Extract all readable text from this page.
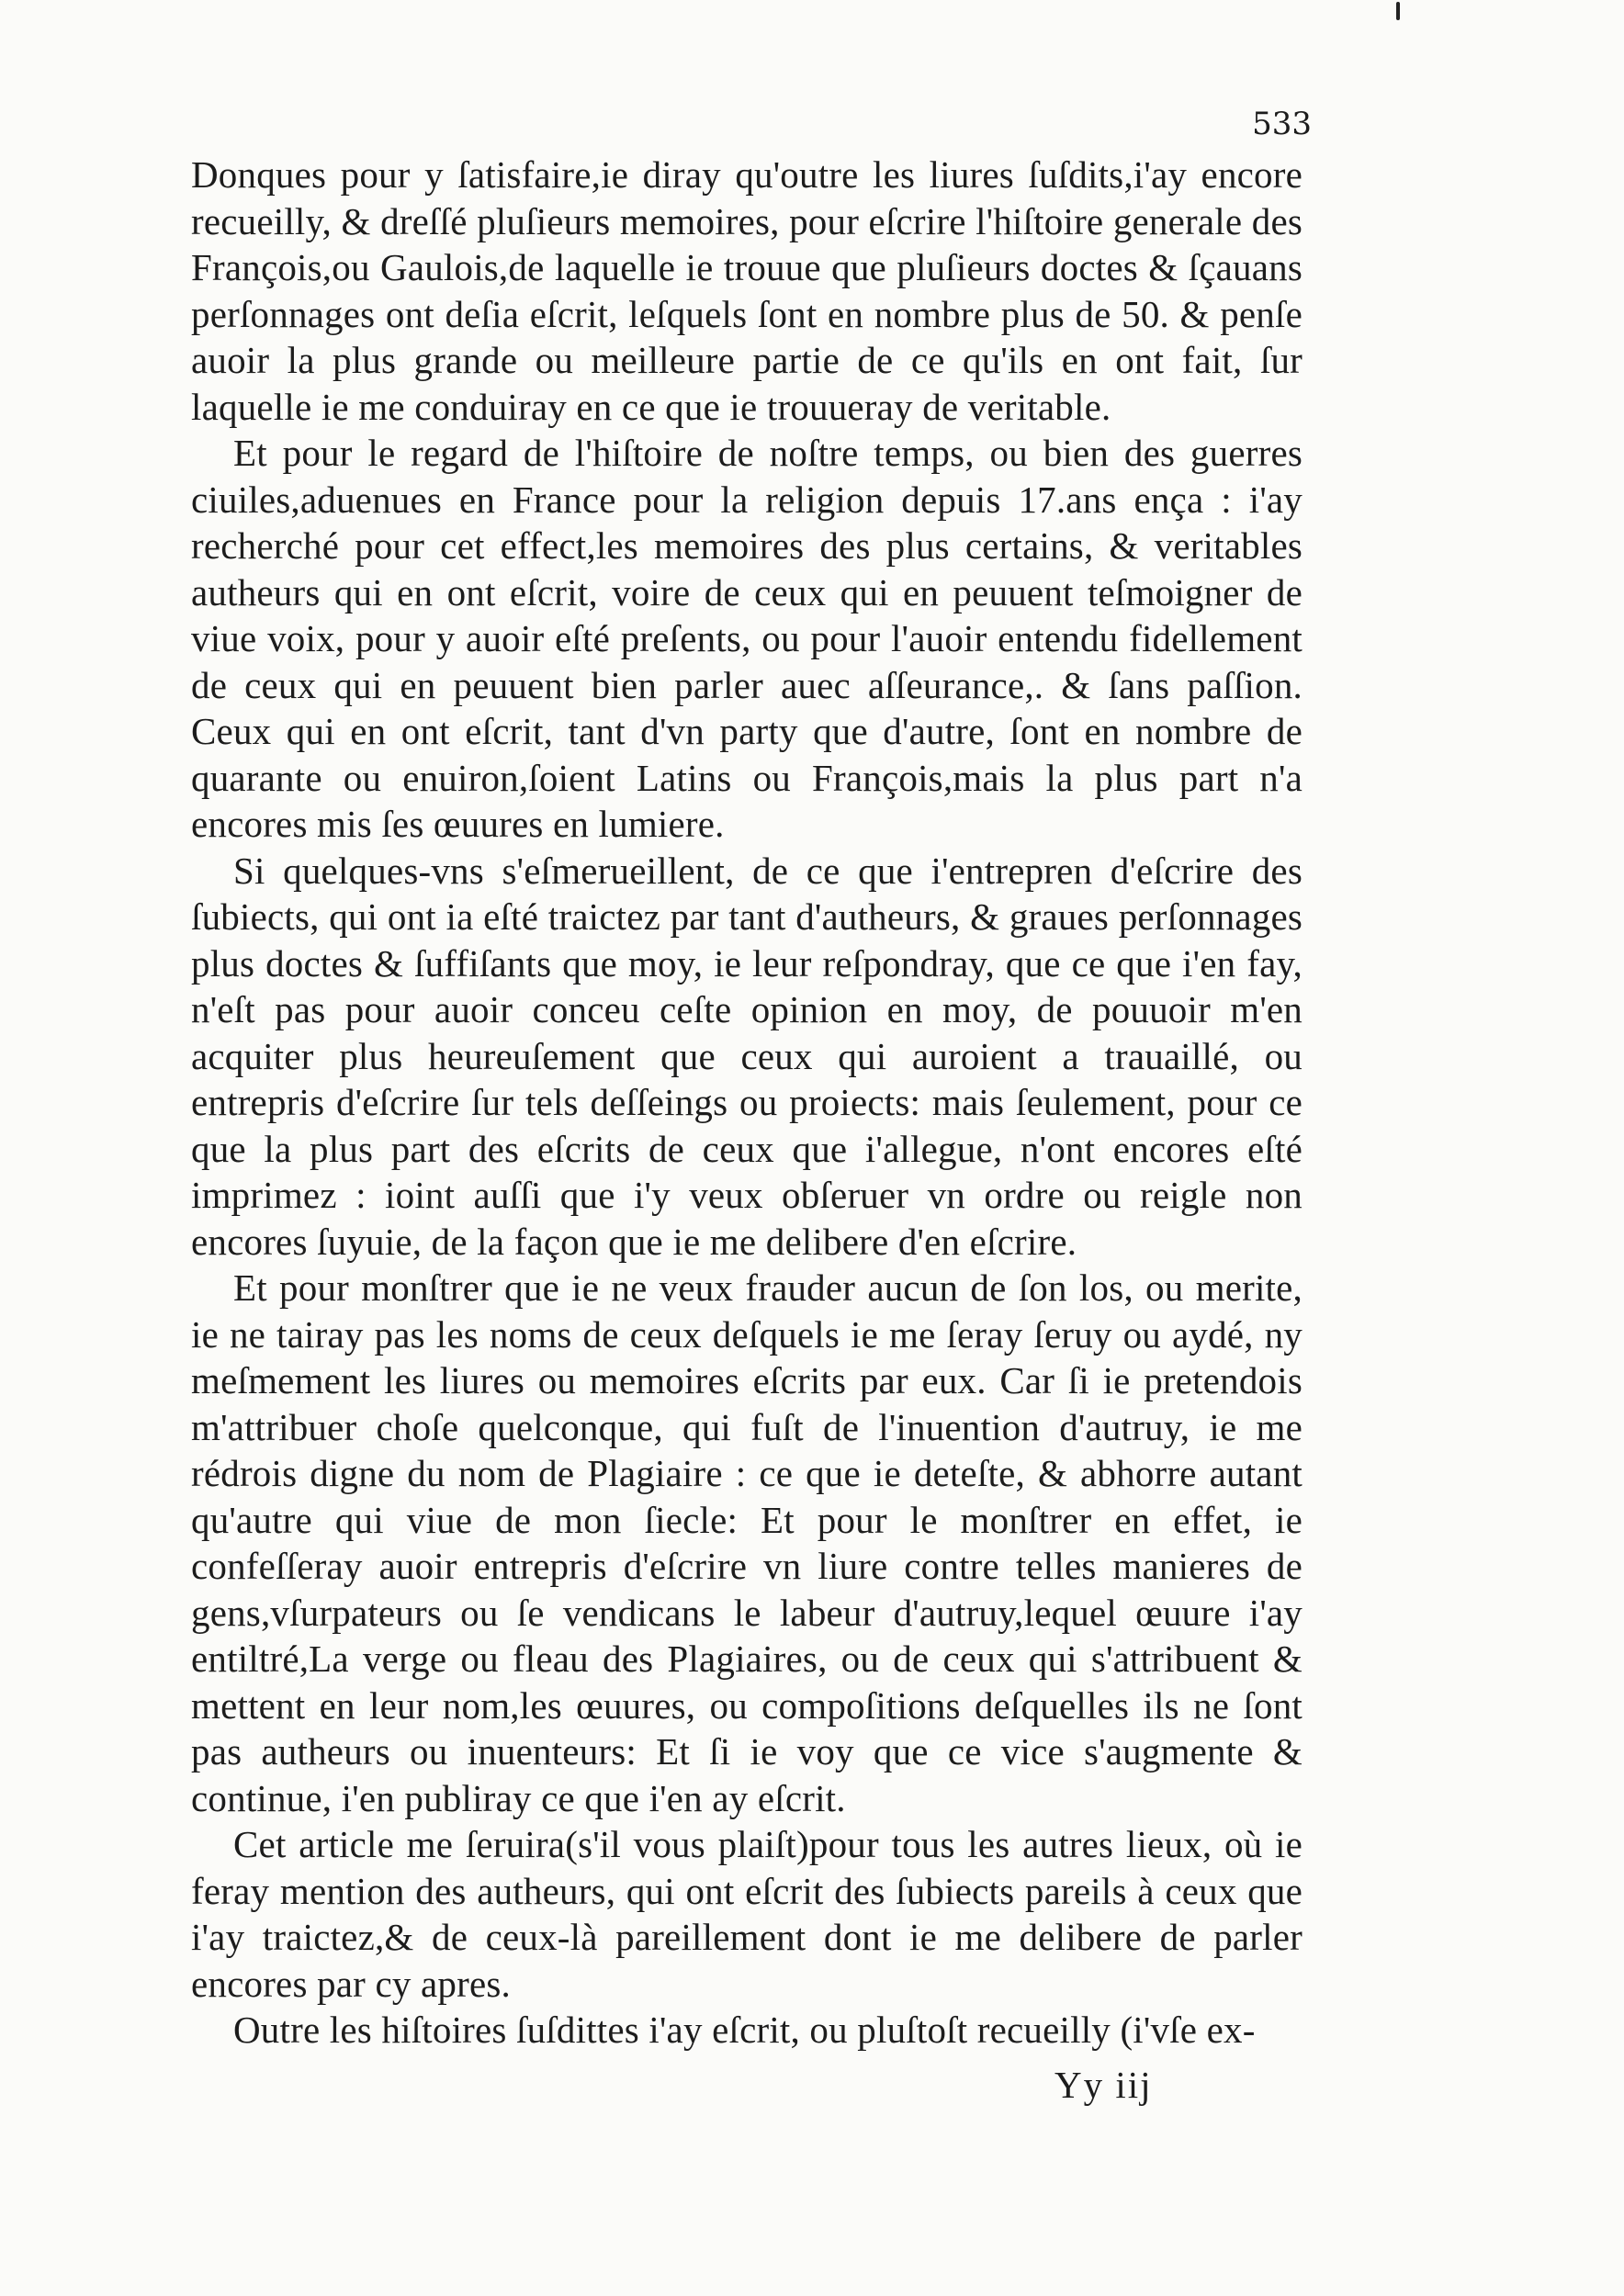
533

Donques pour y ſatisfaire,ie diray qu'outre les liures ſuſdits,i'ay encore recueilly, & dreſſé pluſieurs memoires, pour eſcrire l'hiſtoire generale des François,ou Gaulois,de laquelle ie trouue que pluſieurs doctes & ſçauans perſonnages ont deſia eſcrit, leſquels ſont en nombre plus de 50. & penſe auoir la plus grande ou meilleure partie de ce qu'ils en ont fait, ſur laquelle ie me conduiray en ce que ie trouueray de veritable.

Et pour le regard de l'hiſtoire de noſtre temps, ou bien des guerres ciuiles,aduenues en France pour la religion depuis 17.ans ença : i'ay recherché pour cet effect,les memoires des plus certains, & veritables autheurs qui en ont eſcrit, voire de ceux qui en peuuent teſmoigner de viue voix, pour y auoir eſté preſents, ou pour l'auoir entendu fidellement de ceux qui en peuuent bien parler auec aſſeurance,. & ſans paſſion. Ceux qui en ont eſcrit, tant d'vn party que d'autre, ſont en nombre de quarante ou enuiron,ſoient Latins ou François,mais la plus part n'a encores mis ſes œuures en lumiere.

Si quelques-vns s'eſmerueillent, de ce que i'entrepren d'eſcrire des ſubiects, qui ont ia eſté traictez par tant d'autheurs, & graues perſonnages plus doctes & ſuffiſants que moy, ie leur reſpondray, que ce que i'en fay, n'eſt pas pour auoir conceu ceſte opinion en moy, de pouuoir m'en acquiter plus heureuſement que ceux qui auroient a trauaillé, ou entrepris d'eſcrire ſur tels deſſeings ou proiects: mais ſeulement, pour ce que la plus part des eſcrits de ceux que i'allegue, n'ont encores eſté imprimez : ioint auſſi que i'y veux obſeruer vn ordre ou reigle non encores ſuyuie, de la façon que ie me delibere d'en eſcrire.

Et pour monſtrer que ie ne veux frauder aucun de ſon los, ou merite, ie ne tairay pas les noms de ceux deſquels ie me ſeray ſeruy ou aydé, ny meſmement les liures ou memoires eſcrits par eux. Car ſi ie pretendois m'attribuer choſe quelconque, qui fuſt de l'inuention d'autruy, ie me rédrois digne du nom de Plagiaire : ce que ie deteſte, & abhorre autant qu'autre qui viue de mon ſiecle: Et pour le monſtrer en effet, ie confeſſeray auoir entrepris d'eſcrire vn liure contre telles manieres de gens,vſurpateurs ou ſe vendicans le labeur d'autruy,lequel œuure i'ay entiltré,La verge ou fleau des Plagiaires, ou de ceux qui s'attribuent & mettent en leur nom,les œuures, ou compoſitions deſquelles ils ne ſont pas autheurs ou inuenteurs: Et ſi ie voy que ce vice s'augmente & continue, i'en publiray ce que i'en ay eſcrit.

Cet article me ſeruira(s'il vous plaiſt)pour tous les autres lieux, où ie feray mention des autheurs, qui ont eſcrit des ſubiects pareils à ceux que i'ay traictez,& de ceux-là pareillement dont ie me delibere de parler encores par cy apres.

Outre les hiſtoires ſuſdittes i'ay eſcrit, ou pluſtoſt recueilly (i'vſe ex-

Yy iij
